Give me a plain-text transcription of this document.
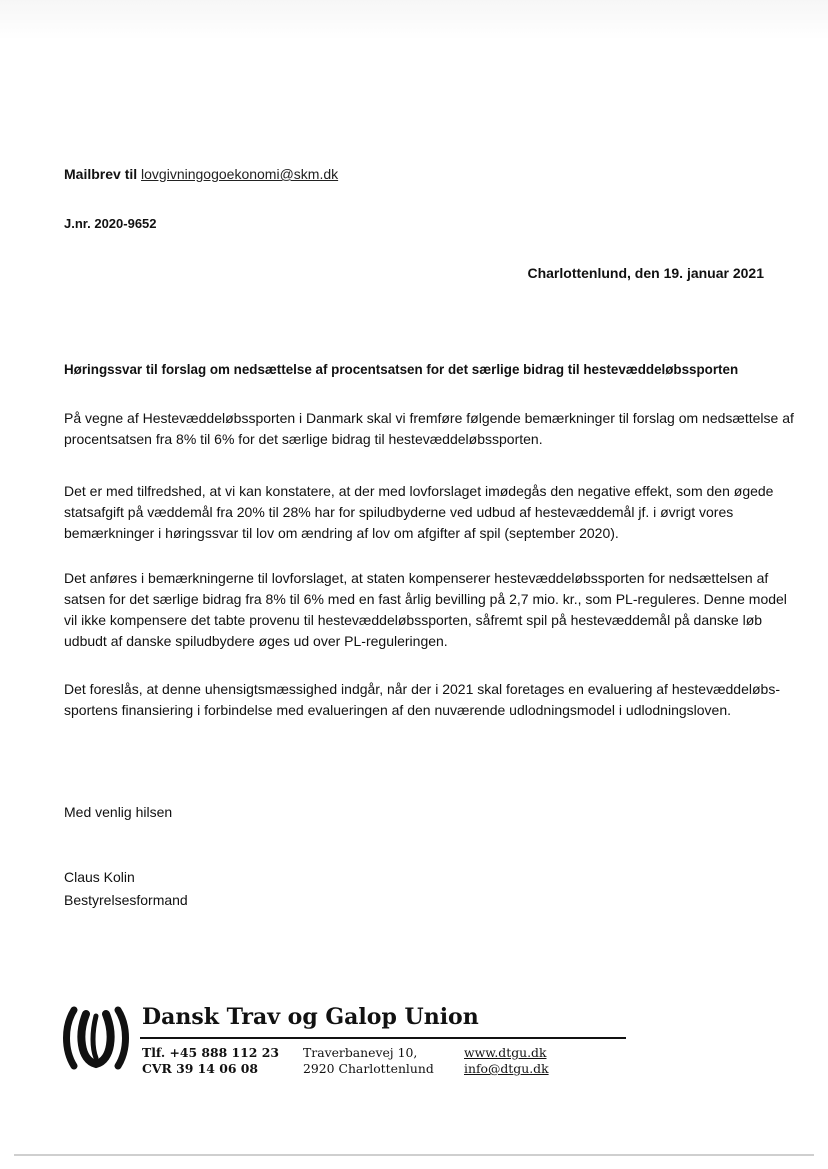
Mailbrev til lovgivningogoekonomi@skm.dk
J.nr. 2020-9652
Charlottenlund, den 19. januar 2021
Høringssvar til forslag om nedsættelse af procentsatsen for det særlige bidrag til hestevæddeløbssporten

På vegne af Hestevæddeløbssporten i Danmark skal vi fremføre følgende bemærkninger til forslag om nedsættelse af
procentsatsen fra 8% til 6% for det særlige bidrag til hestevæddeløbssporten.

Det er med tilfredshed, at vi kan konstatere, at der med lovforslaget imødegås den negative effekt, som den øgede
statsafgift på væddemål fra 20% til 28% har for spiludbyderne ved udbud af hestevæddemål jf. i øvrigt vores
bemærkninger i høringssvar til lov om ændring af lov om afgifter af spil (september 2020).

Det anføres i bemærkningerne til lovforslaget, at staten kompenserer hestevæddeløbssporten for nedsættelsen af
satsen for det særlige bidrag fra 8% til 6% med en fast årlig bevilling på 2,7 mio. kr., som PL-reguleres. Denne model
vil ikke kompensere det tabte provenu til hestevæddeløbssporten, såfremt spil på hestevæddemål på danske løb
udbudt af danske spiludbydere øges ud over PL-reguleringen.

Det foreslås, at denne uhensigtsmæssighed indgår, når der i 2021 skal foretages en evaluering af hestevæddeløbs-
sportens finansiering i forbindelse med evalueringen af den nuværende udlodningsmodel i udlodningsloven.

Med venlig hilsen
Claus Kolin
Bestyrelsesformand
Dansk Trav og Galop Union
Tlf. +45 888 112 23
CVR 39 14 06 08
Traverbanevej 10,
2920 Charlottenlund
www.dtgu.dk
info@dtgu.dk
